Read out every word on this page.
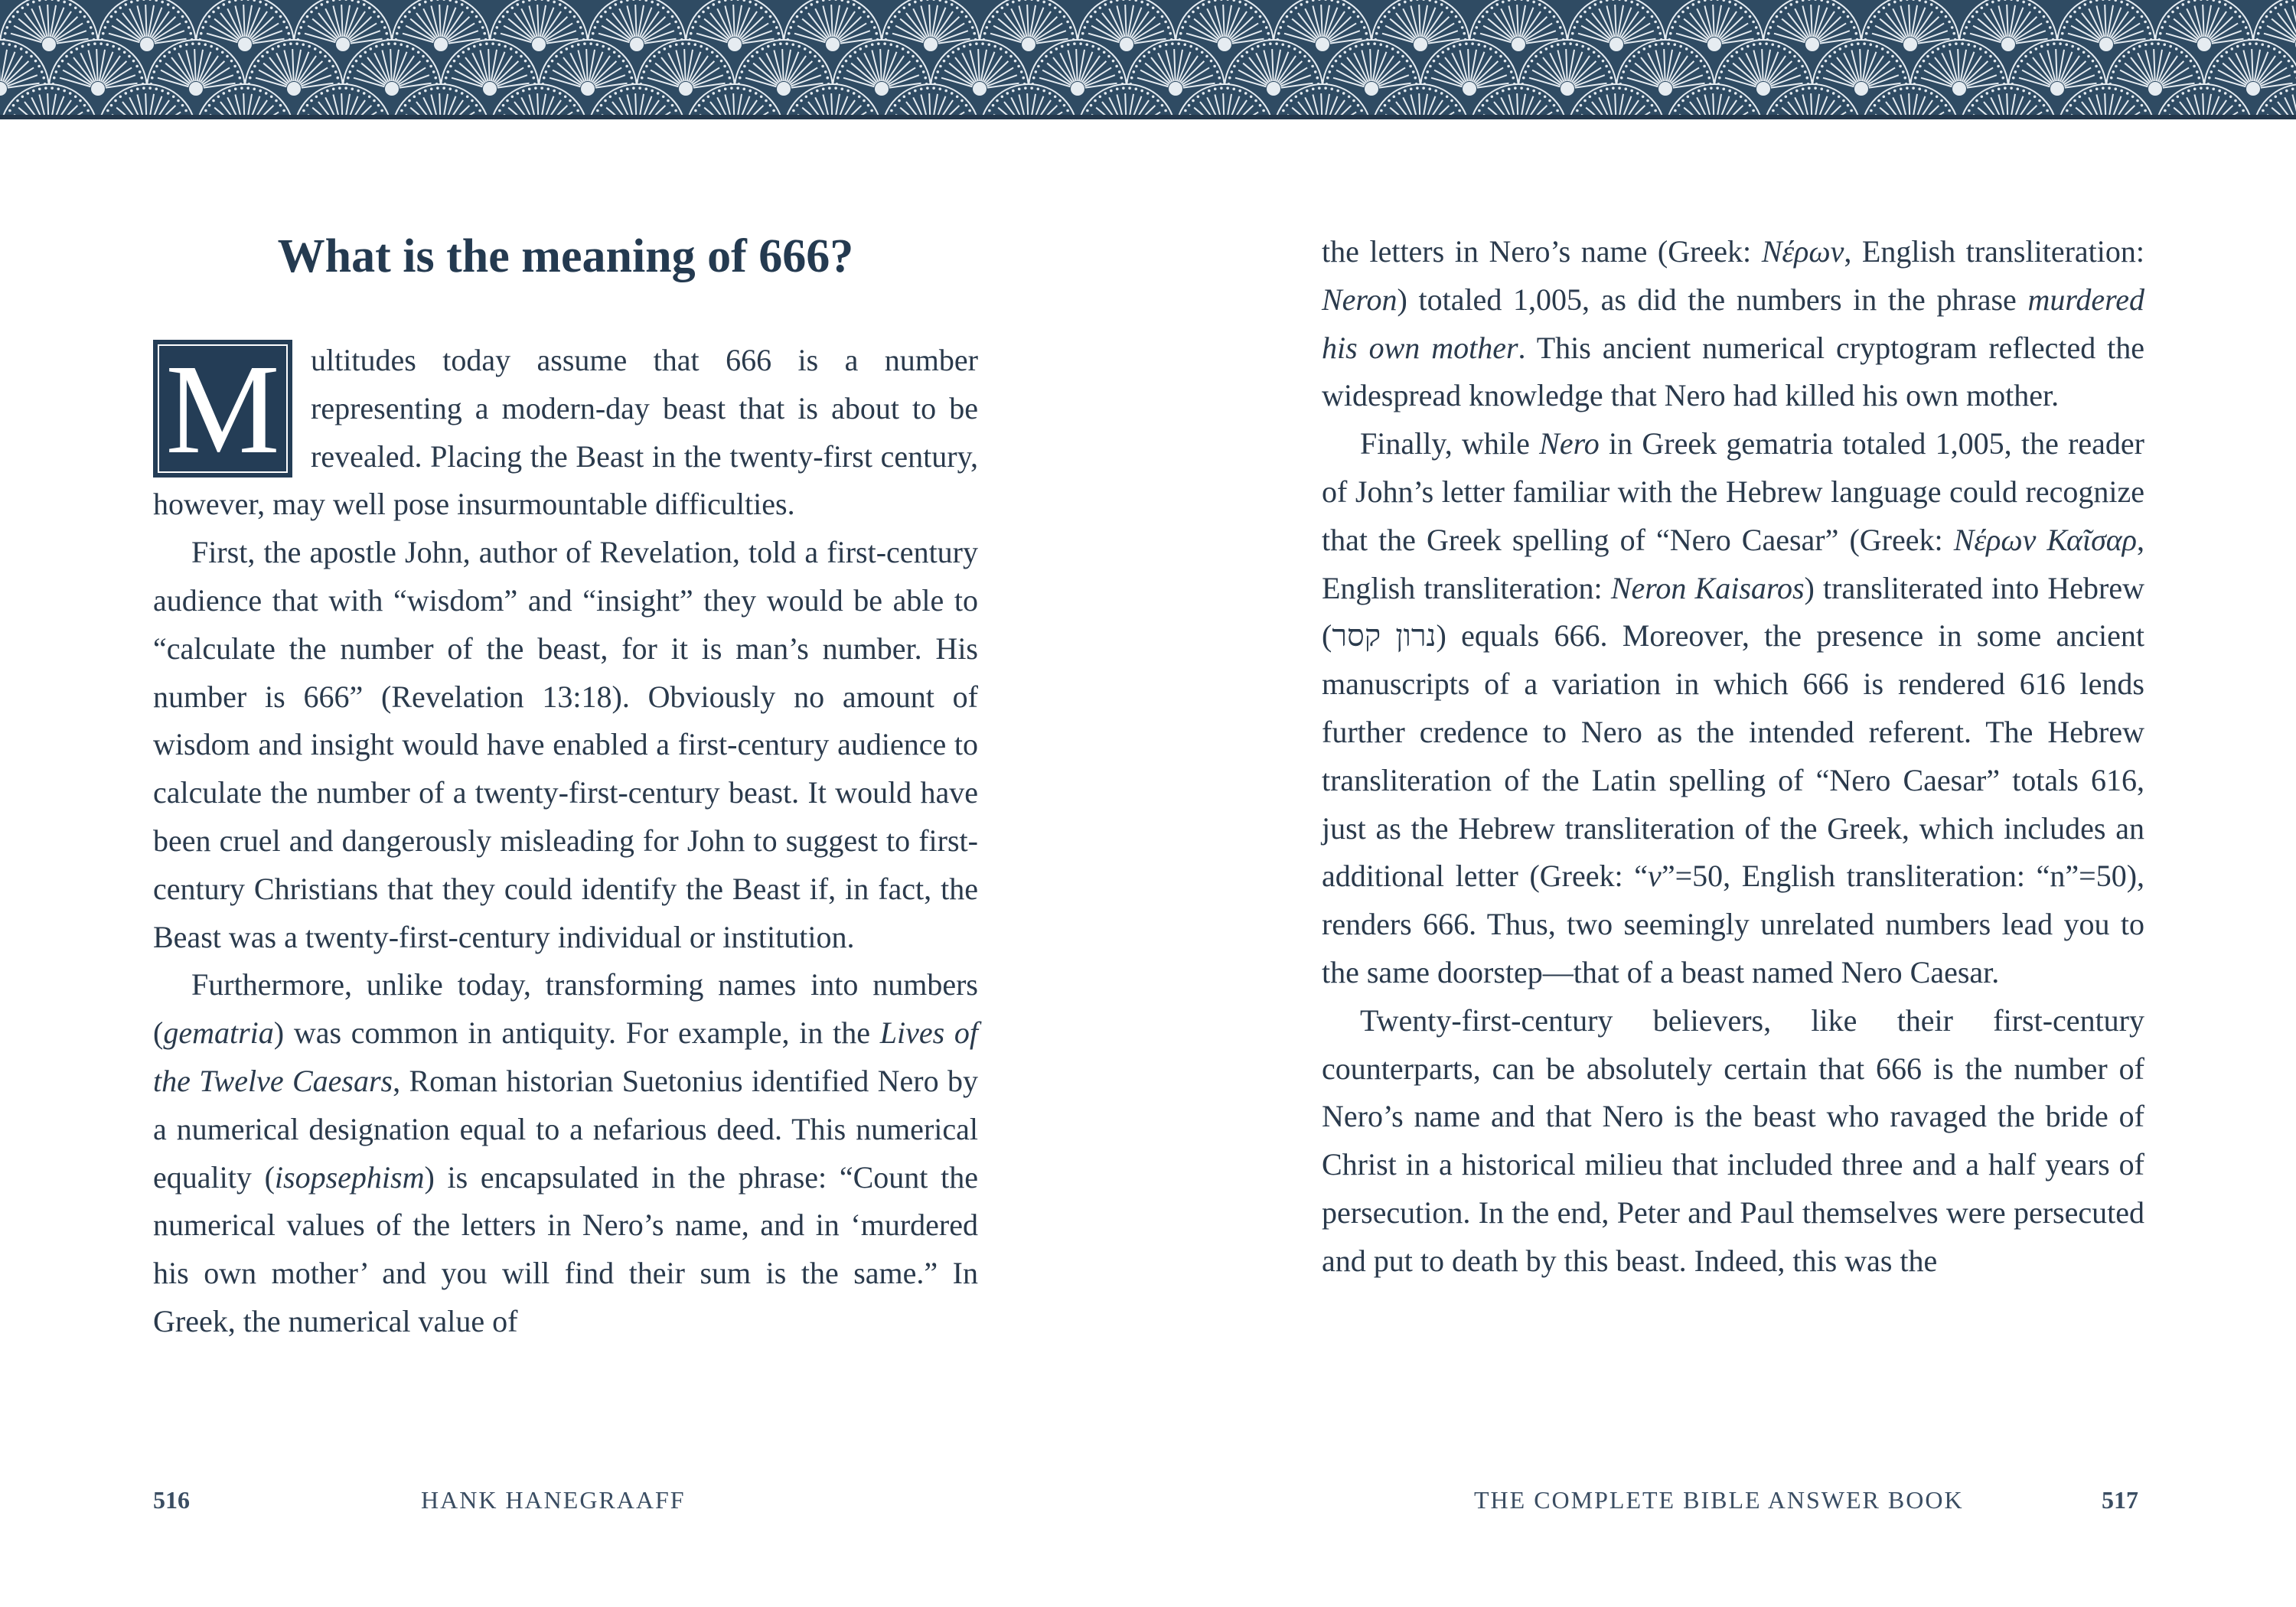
What is the meaning of 666?

M	ultitudes today assume that 666 is a number representing a modern-day beast that is about to be revealed. Placing the Beast in the twenty-first century, however, may well pose insurmountable difficulties.

First, the apostle John, author of Revelation, told a first-century audience that with “wisdom” and “insight” they would be able to “calculate the number of the beast, for it is man’s number. His number is 666” (Revelation 13:18). Obviously no amount of wisdom and insight would have enabled a first-century audience to calculate the number of a twenty-first-century beast. It would have been cruel and dangerously misleading for John to suggest to first-century Christians that they could identify the Beast if, in fact, the Beast was a twenty-first-century individual or institution.

Furthermore, unlike today, transforming names into numbers (gematria) was common in antiquity. For example, in the Lives of the Twelve Caesars, Roman historian Suetonius identified Nero by a numerical designation equal to a nefarious deed. This numerical equality (isopsephism) is encapsulated in the phrase: “Count the numerical values of the letters in Nero’s name, and in ‘murdered his own mother’ and you will find their sum is the same.” In Greek, the numerical value of

516	HANK HANEGRAAFF

the letters in Nero’s name (Greek: Νέρων, English transliteration: Neron) totaled 1,005, as did the numbers in the phrase murdered his own mother. This ancient numerical cryptogram reflected the widespread knowledge that Nero had killed his own mother.

Finally, while Nero in Greek gematria totaled 1,005, the reader of John’s letter familiar with the Hebrew language could recognize that the Greek spelling of “Nero Caesar” (Greek: Νέρων Καῖσαρ, English transliteration: Neron Kaisaros) transliterated into Hebrew (נרון קסר) equals 666. Moreover, the presence in some ancient manuscripts of a variation in which 666 is rendered 616 lends further credence to Nero as the intended referent. The Hebrew transliteration of the Latin spelling of “Nero Caesar” totals 616, just as the Hebrew transliteration of the Greek, which includes an additional letter (Greek: “ν”=50, English transliteration: “n”=50), renders 666. Thus, two seemingly unrelated numbers lead you to the same doorstep—that of a beast named Nero Caesar.

Twenty-first-century believers, like their first-century counterparts, can be absolutely certain that 666 is the number of Nero’s name and that Nero is the beast who ravaged the bride of Christ in a historical milieu that included three and a half years of persecution. In the end, Peter and Paul themselves were persecuted and put to death by this beast. Indeed, this was the

THE COMPLETE BIBLE ANSWER BOOK	517
